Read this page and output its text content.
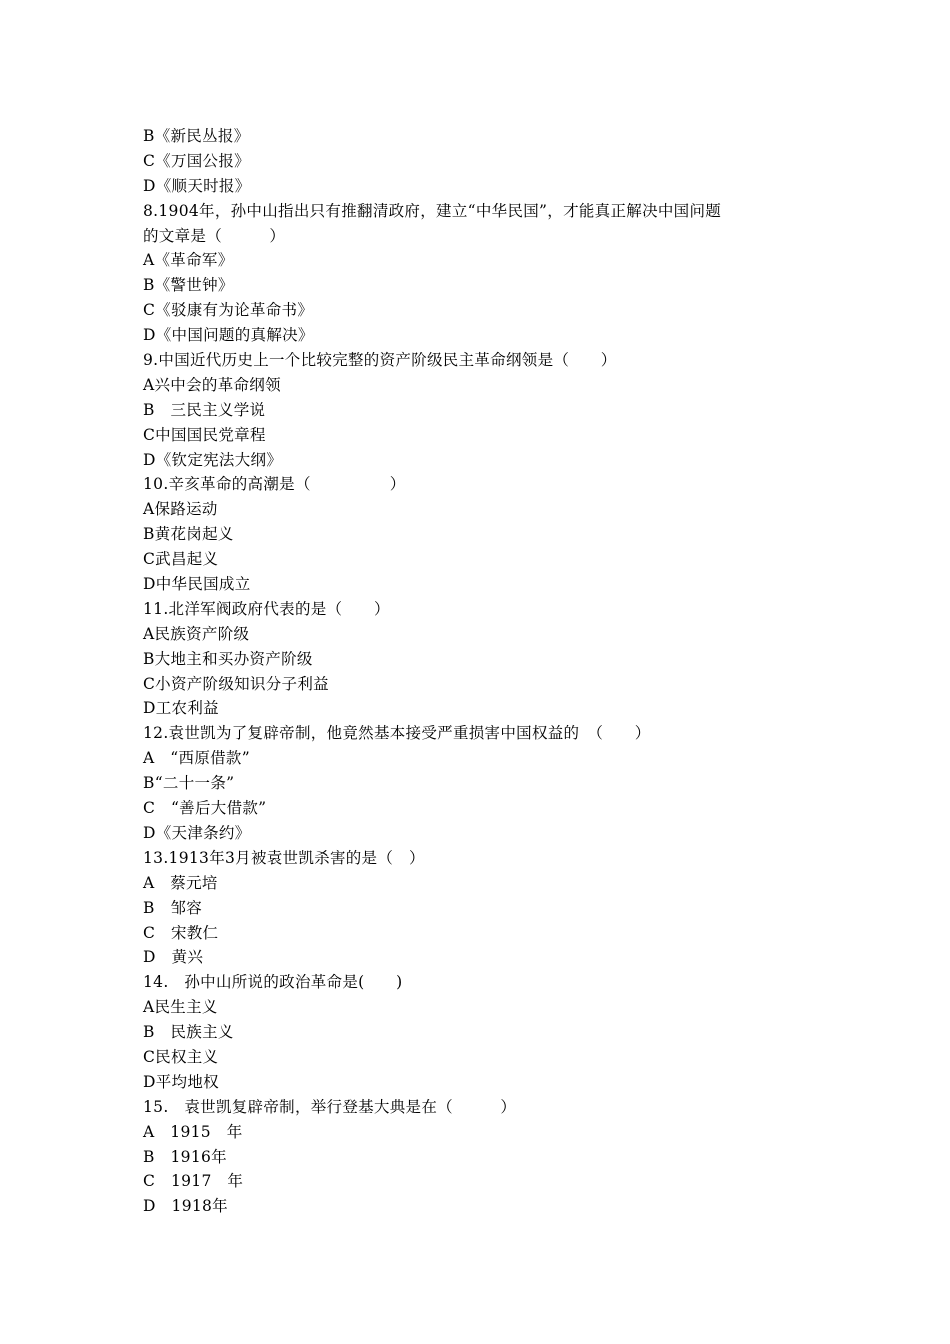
B《新民丛报》
C《万国公报》
D《顺天时报》
8.1904年，孙中山指出只有推翻清政府，建立“中华民国”，才能真正解决中国问题
的文章是（　　　）
A《革命军》
B《警世钟》
C《驳康有为论革命书》
D《中国问题的真解决》
9.中国近代历史上一个比较完整的资产阶级民主革命纲领是（　　）
A兴中会的革命纲领
B　三民主义学说
C中国国民党章程
D《钦定宪法大纲》
10.辛亥革命的高潮是（　　　　　）
A保路运动
B黄花岗起义
C武昌起义
D中华民国成立
11.北洋军阀政府代表的是（　　）
A民族资产阶级
B大地主和买办资产阶级
C小资产阶级知识分子利益
D工农利益
12.袁世凯为了复辟帝制，他竟然基本接受严重损害中国权益的　（　　）
A　“西原借款”
B“二十一条”
C　“善后大借款”
D《天津条约》
13.1913年3月被袁世凯杀害的是（　）
A　蔡元培
B　邹容
C　宋教仁
D　黄兴
14.　孙中山所说的政治革命是(　　)
A民生主义
B　民族主义
C民权主义
D平均地权
15.　袁世凯复辟帝制，举行登基大典是在（　　　）
A　1915　年
B　1916年
C　1917　年
D　1918年
